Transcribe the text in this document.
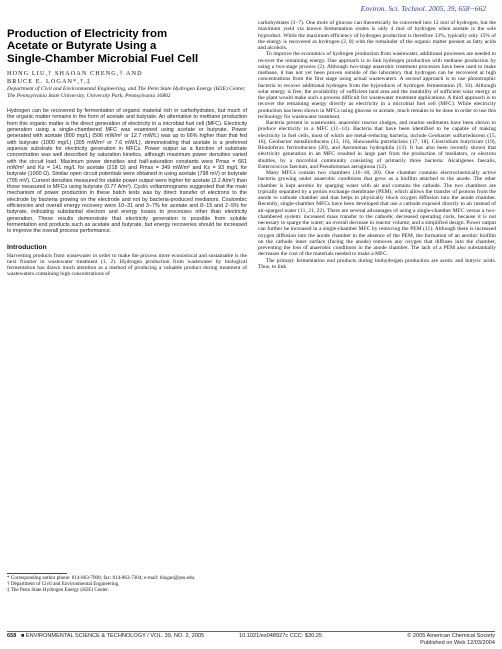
Environ. Sci. Technol. 2005, 39, 658−662
Production of Electricity from
Acetate or Butyrate Using a
Single-Chamber Microbial Fuel Cell

HONG LIU,† SHAOAN CHENG,† AND
BRUCE E. LOGAN*,†,‡

Department of Civil and Environmental Engineering, and The Penn State Hydrogen Energy (H2E) Center, The Pennsylvania State University, University Park, Pennsylvania 16802

Hydrogen can be recovered by fermentation of organic material rich in carbohydrates, but much of the organic matter remains in the form of acetate and butyrate. An alternative to methane production from this organic matter is the direct generation of electricity in a microbial fuel cell (MFC). Electricity generation using a single-chambered MFC was examined using acetate or butyrate. Power generated with acetate (800 mg/L) (506 mW/m² or 12.7 mW/L) was up to 66% higher than that fed with butyrate (1000 mg/L) (305 mW/m² or 7.6 mW/L), demonstrating that acetate is a preferred aqueous substrate for electricity generation in MFCs. Power output as a function of substrate concentration was well described by saturation kinetics, although maximum power densities varied with the circuit load. Maximum power densities and half-saturation constants were Pmax = 661 mW/m² and Ks = 141 mg/L for acetate (218 Ω) and Pmax = 349 mW/m² and Ks = 93 mg/L for butyrate (1000 Ω). Similar open circuit potentials were obtained in using acetate (798 mV) or butyrate (795 mV). Current densities measured for stable power output were higher for acetate (2.2 A/m²) than those measured in MFCs using butyrate (0.77 A/m²). Cyclic voltammograms suggested that the main mechanism of power production in these batch tests was by direct transfer of electrons to the electrode by bacteria growing on the electrode and not by bacteria-produced mediators. Coulombic efficiencies and overall energy recovery were 10−31 and 3−7% for acetate and 8−15 and 2−5% for butyrate, indicating substantial electron and energy losses to processes other than electricity generation. These results demonstrate that electricity generation is possible from soluble fermentation end products such as acetate and butyrate, but energy recoveries should be increased to improve the overall process performance.

Introduction

Harvesting products from wastewater in order to make the process more economical and sustainable is the next frontier in wastewater treatment (1, 2). Hydrogen production from wastewater by biological fermentation has drawn much attention as a method of producing a valuable product during treatment of wastewaters containing high concentrations of

* Corresponding author phone: 814-863-7908; fax: 814-863-7304; e-mail: blogan@psu.edu.

† Department of Civil and Environmental Engineering.

‡ The Penn State Hydrogen Energy (H2E) Center.

carbohydrates (3−7). One mole of glucose can theoretically be converted into 12 mol of hydrogen, but the maximum yield via known fermentation routes is only 4 mol of hydrogen when acetate is the sole byproduct. While the maximum efficiency of hydrogen production is therefore 33%, typically only 15% of the energy is recovered as hydrogen (2, 8) with the remainder of the organic matter present as fatty acids and alcohols.

To improve the economics of hydrogen production from wastewater, additional processes are needed to recover the remaining energy. One approach is to link hydrogen production with methane production by using a two-stage process (2). Although two-stage anaerobic treatment processes have been used to make methane, it has not yet been proven outside of the laboratory that hydrogen can be recovered at high concentrations from the first stage using actual wastewaters. A second approach is to use phototrophic bacteria to recover additional hydrogen from the byproducts of hydrogen fermentation (9, 10). Although solar energy is free, the availability of sufficient land area and the instability of sufficient solar energy at the plant would make such a process difficult for wastewater treatment applications. A third approach is to recover the remaining energy directly as electricity in a microbial fuel cell (MFC). While electricity production has been shown in MFCs using glucose or acetate, much remains to be done in order to use this technology for wastewater treatment.

Bacteria present in wastewater, anaerobic reactor sludges, and marine sediments have been shown to produce electricity in a MFC (11−14). Bacteria that have been identified to be capable of making electricity in fuel cells, most of which are metal-reducing bacteria, include Geobacter sulfurreducens (15, 16), Geobacter metallireducens (13, 16), Shewanella putrefaciens (17, 18), Clostridium butyricum (19), Rhodoferax ferrireducens (20), and Aeromonas hydrophila (13). It has also been recently shown that electricity generation in an MFC resulted in large part from the production of mediators, or electron shuttles, by a microbial community consisting of primarily three bacteria: Alcaligenes faecalis, Enterococcus faecium, and Pseudomonas aeruginosa (12).

Many MFCs contain two chambers (16−18, 20). One chamber contains electrochemically active bacteria growing under anaerobic conditions that grow as a biofilm attached to the anode. The other chamber is kept aerobic by sparging water with air and contains the cathode. The two chambers are typically separated by a proton exchange membrane (PEM), which allows the transfer of protons from the anode to cathode chamber and that helps to physically block oxygen diffusion into the anode chamber. Recently, single-chamber MFCs have been developed that use a cathode exposed directly to air instead of air-sparged water (11, 21, 22). There are several advantages of using a single-chamber MFC versus a two-chambered system: increased mass transfer to the cathode; decreased operating costs, because it is not necessary to sparge the water; an overall decrease in reactor volume; and a simplified design. Power output can further be increased in a single-chamber MFC by removing the PEM (11). Although there is increased oxygen diffusion into the anode chamber in the absence of the PEM, the formation of an aerobic biofilm on the cathode inner surface (facing the anode) removes any oxygen that diffuses into the chamber, preventing the loss of anaerobic conditions in the anode chamber. The lack of a PEM also substantially decreases the cost of the materials needed to make a MFC.

The primary fermentation end products during biohydrogen production are acetic and butyric acids. Thus, to link

658 ■ ENVIRONMENTAL SCIENCE & TECHNOLOGY / VOL. 39, NO. 2, 2005	10.1021/es048927c CCC: $30.25	© 2005 American Chemical Society
Published on Web 12/03/2004
